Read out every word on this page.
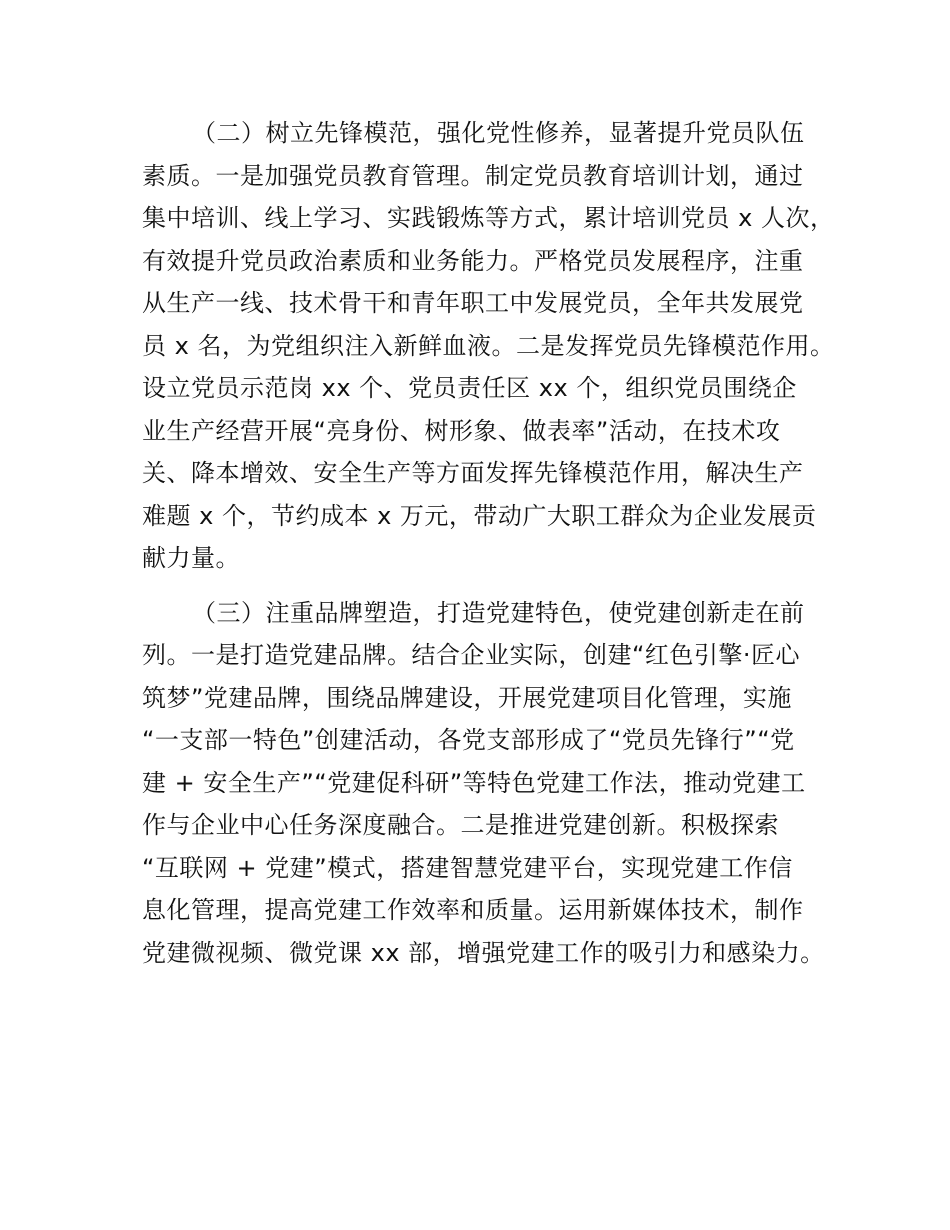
（二）树立先锋模范，强化党性修养，显著提升党员队伍
素质。一是加强党员教育管理。制定党员教育培训计划，通过
集中培训、线上学习、实践锻炼等方式，累计培训党员 x 人次，
有效提升党员政治素质和业务能力。严格党员发展程序，注重
从生产一线、技术骨干和青年职工中发展党员，全年共发展党
员 x 名，为党组织注入新鲜血液。二是发挥党员先锋模范作用。
设立党员示范岗 xx 个、党员责任区 xx 个，组织党员围绕企
业生产经营开展“亮身份、树形象、做表率”活动，在技术攻
关、降本增效、安全生产等方面发挥先锋模范作用，解决生产
难题 x 个，节约成本 x 万元，带动广大职工群众为企业发展贡
献力量。
（三）注重品牌塑造，打造党建特色，使党建创新走在前
列。一是打造党建品牌。结合企业实际，创建“红色引擎·匠心
筑梦”党建品牌，围绕品牌建设，开展党建项目化管理，实施
“一支部一特色”创建活动，各党支部形成了“党员先锋行”“党
建 + 安全生产”“党建促科研”等特色党建工作法，推动党建工
作与企业中心任务深度融合。二是推进党建创新。积极探索
“互联网 + 党建”模式，搭建智慧党建平台，实现党建工作信
息化管理，提高党建工作效率和质量。运用新媒体技术，制作
党建微视频、微党课 xx 部，增强党建工作的吸引力和感染力。
